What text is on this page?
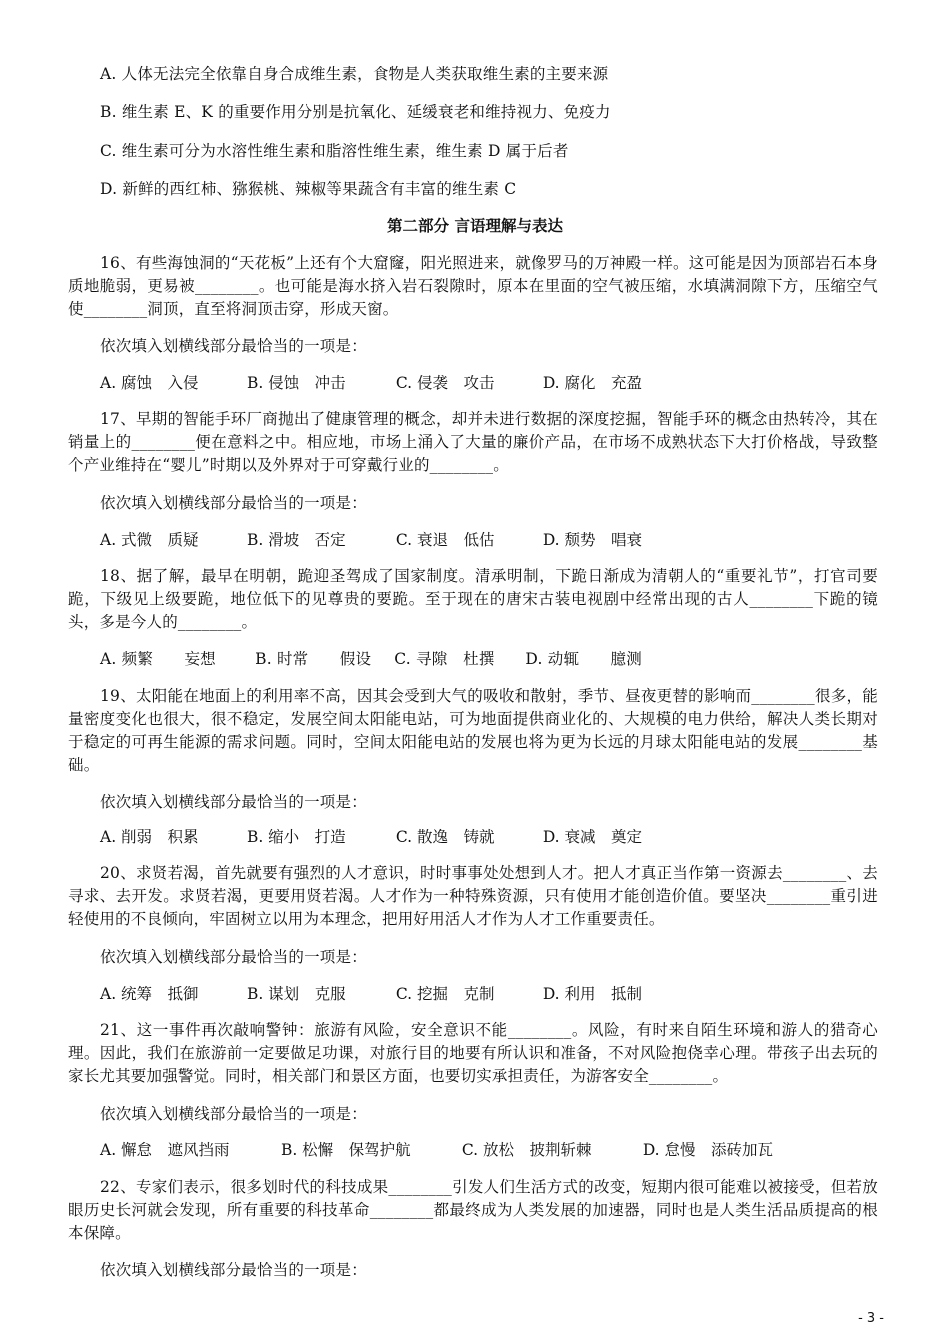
A. 人体无法完全依靠自身合成维生素，食物是人类获取维生素的主要来源
B. 维生素 E、K 的重要作用分别是抗氧化、延缓衰老和维持视力、免疫力
C. 维生素可分为水溶性维生素和脂溶性维生素，维生素 D 属于后者
D. 新鲜的西红柿、猕猴桃、辣椒等果蔬含有丰富的维生素 C
第二部分 言语理解与表达
16、有些海蚀洞的“天花板”上还有个大窟窿，阳光照进来，就像罗马的万神殿一样。这可能是因为顶部岩石本身质地脆弱，更易被________。也可能是海水挤入岩石裂隙时，原本在里面的空气被压缩，水填满洞隙下方，压缩空气使________洞顶，直至将洞顶击穿，形成天窗。
依次填入划横线部分最恰当的一项是：
A. 腐蚀　入侵	B. 侵蚀　冲击	C. 侵袭　攻击	D. 腐化　充盈
17、早期的智能手环厂商抛出了健康管理的概念，却并未进行数据的深度挖掘，智能手环的概念由热转冷，其在销量上的________便在意料之中。相应地，市场上涌入了大量的廉价产品，在市场不成熟状态下大打价格战，导致整个产业维持在“婴儿”时期以及外界对于可穿戴行业的________。
依次填入划横线部分最恰当的一项是：
A. 式微　质疑	B. 滑坡　否定	C. 衰退　低估	D. 颓势　唱衰
18、据了解，最早在明朝，跪迎圣驾成了国家制度。清承明制，下跪日渐成为清朝人的“重要礼节”，打官司要跪，下级见上级要跪，地位低下的见尊贵的要跪。至于现在的唐宋古装电视剧中经常出现的古人________下跪的镜头，多是今人的________。
A. 频繁　　妄想	B. 时常　　假设 C. 寻隙　杜撰 D. 动辄　　臆测
19、太阳能在地面上的利用率不高，因其会受到大气的吸收和散射，季节、昼夜更替的影响而________很多，能量密度变化也很大，很不稳定，发展空间太阳能电站，可为地面提供商业化的、大规模的电力供给，解决人类长期对于稳定的可再生能源的需求问题。同时，空间太阳能电站的发展也将为更为长远的月球太阳能电站的发展________基础。
依次填入划横线部分最恰当的一项是：
A. 削弱　积累	B. 缩小　打造	C. 散逸　铸就	D. 衰减　奠定
20、求贤若渴，首先就要有强烈的人才意识，时时事事处处想到人才。把人才真正当作第一资源去________、去寻求、去开发。求贤若渴，更要用贤若渴。人才作为一种特殊资源，只有使用才能创造价值。要坚决________重引进轻使用的不良倾向，牢固树立以用为本理念，把用好用活人才作为人才工作重要责任。
依次填入划横线部分最恰当的一项是：
A. 统筹　抵御	B. 谋划　克服	C. 挖掘　克制	D. 利用　抵制
21、这一事件再次敲响警钟：旅游有风险，安全意识不能________。风险，有时来自陌生环境和游人的猎奇心理。因此，我们在旅游前一定要做足功课，对旅行目的地要有所认识和准备，不对风险抱侥幸心理。带孩子出去玩的家长尤其要加强警觉。同时，相关部门和景区方面，也要切实承担责任，为游客安全________。
依次填入划横线部分最恰当的一项是：
A. 懈怠　遮风挡雨	B. 松懈　保驾护航	C. 放松　披荆斩棘	D. 怠慢　添砖加瓦
22、专家们表示，很多划时代的科技成果________引发人们生活方式的改变，短期内很可能难以被接受，但若放眼历史长河就会发现，所有重要的科技革命________都最终成为人类发展的加速器，同时也是人类生活品质提高的根本保障。
依次填入划横线部分最恰当的一项是：
- 3 -
